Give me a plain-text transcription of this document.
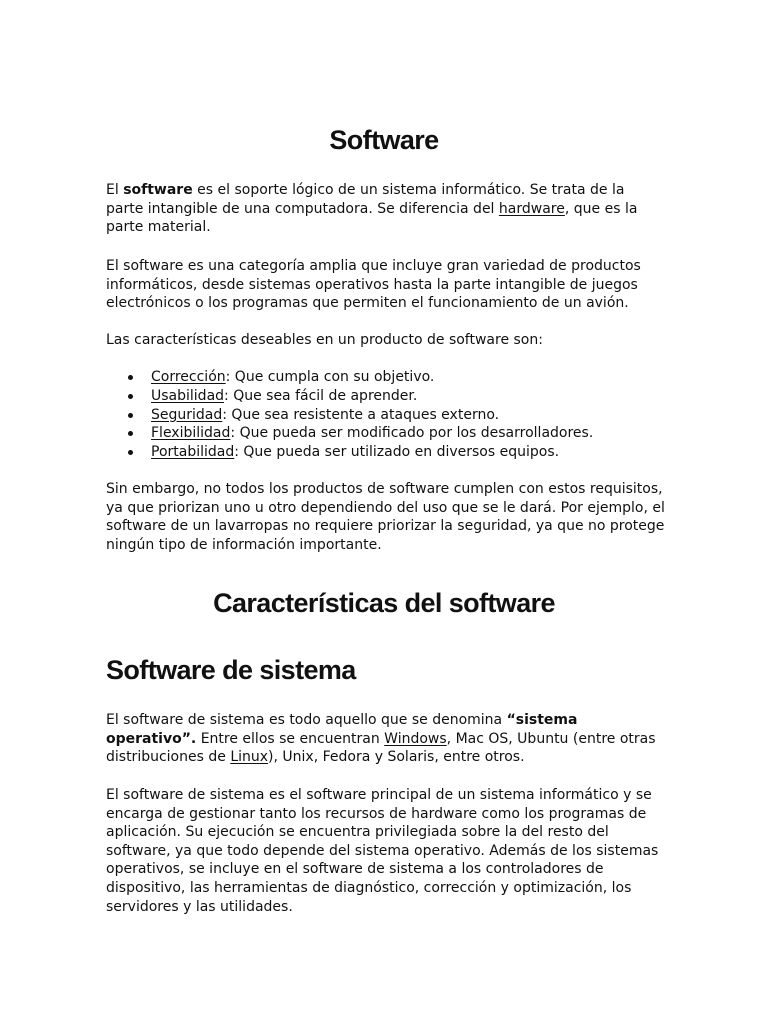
Software

El software es el soporte lógico de un sistema informático. Se trata de la parte intangible de una computadora. Se diferencia del hardware, que es la parte material.

El software es una categoría amplia que incluye gran variedad de productos informáticos, desde sistemas operativos hasta la parte intangible de juegos electrónicos o los programas que permiten el funcionamiento de un avión.

Las características deseables en un producto de software son:

Corrección: Que cumpla con su objetivo.
Usabilidad: Que sea fácil de aprender.
Seguridad: Que sea resistente a ataques externo.
Flexibilidad: Que pueda ser modificado por los desarrolladores.
Portabilidad: Que pueda ser utilizado en diversos equipos.

Sin embargo, no todos los productos de software cumplen con estos requisitos, ya que priorizan uno u otro dependiendo del uso que se le dará. Por ejemplo, el software de un lavarropas no requiere priorizar la seguridad, ya que no protege ningún tipo de información importante.

Características del software
Software de sistema

El software de sistema es todo aquello que se denomina “sistema operativo”. Entre ellos se encuentran Windows, Mac OS, Ubuntu (entre otras distribuciones de Linux), Unix, Fedora y Solaris, entre otros.

El software de sistema es el software principal de un sistema informático y se encarga de gestionar tanto los recursos de hardware como los programas de aplicación. Su ejecución se encuentra privilegiada sobre la del resto del software, ya que todo depende del sistema operativo. Además de los sistemas operativos, se incluye en el software de sistema a los controladores de dispositivo, las herramientas de diagnóstico, corrección y optimización, los servidores y las utilidades.
